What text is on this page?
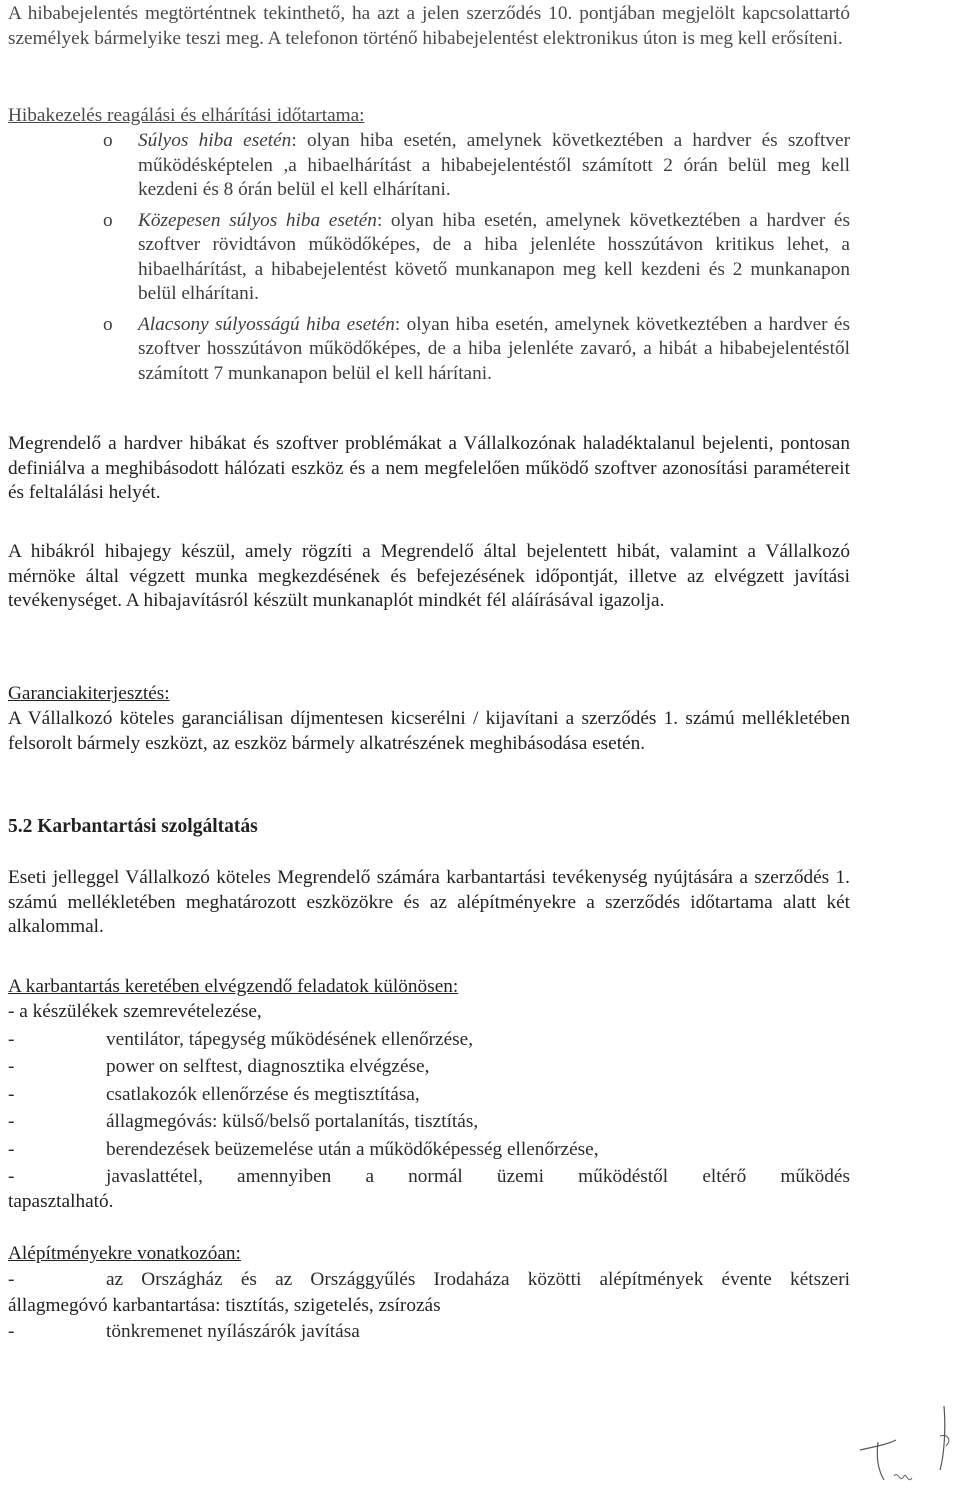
A hibabejelentés megtörténtnek tekinthető, ha azt a jelen szerződés 10. pontjában megjelölt kapcsolattartó személyek bármelyike teszi meg. A telefonon történő hibabejelentést elektronikus úton is meg kell erősíteni.

Hibakezelés reagálási és elhárítási időtartama:

o Súlyos hiba esetén: olyan hiba esetén, amelynek következtében a hardver és szoftver működésképtelen ,a hibaelhárítást a hibabejelentéstől számított 2 órán belül meg kell kezdeni és 8 órán belül el kell elhárítani.

o Közepesen súlyos hiba esetén: olyan hiba esetén, amelynek következtében a hardver és szoftver rövidtávon működőképes, de a hiba jelenléte hosszútávon kritikus lehet, a hibaelhárítást, a hibabejelentést követő munkanapon meg kell kezdeni és 2 munkanapon belül elhárítani.

o Alacsony súlyosságú hiba esetén: olyan hiba esetén, amelynek következtében a hardver és szoftver hosszútávon működőképes, de a hiba jelenléte zavaró, a hibát a hibabejelentéstől számított 7 munkanapon belül el kell hárítani.

Megrendelő a hardver hibákat és szoftver problémákat a Vállalkozónak haladéktalanul bejelenti, pontosan definiálva a meghibásodott hálózati eszköz és a nem megfelelően működő szoftver azonosítási paramétereit és feltalálási helyét.

A hibákról hibajegy készül, amely rögzíti a Megrendelő által bejelentett hibát, valamint a Vállalkozó mérnöke által végzett munka megkezdésének és befejezésének időpontját, illetve az elvégzett javítási tevékenységet. A hibajavításról készült munkanaplót mindkét fél aláírásával igazolja.

Garanciakiterjesztés:

A Vállalkozó köteles garanciálisan díjmentesen kicserélni / kijavítani a szerződés 1. számú mellékletében felsorolt bármely eszközt, az eszköz bármely alkatrészének meghibásodása esetén.

5.2 Karbantartási szolgáltatás

Eseti jelleggel Vállalkozó köteles Megrendelő számára karbantartási tevékenység nyújtására a szerződés 1. számú mellékletében meghatározott eszközökre és az alépítményekre a szerződés időtartama alatt két alkalommal.

A karbantartás keretében elvégzendő feladatok különösen:

- a készülékek szemrevételezése,

-	ventilátor, tápegység működésének ellenőrzése,

-	power on selftest, diagnosztika elvégzése,

-	csatlakozók ellenőrzése és megtisztítása,

-	állagmegóvás: külső/belső portalanítás, tisztítás,

-	berendezések beüzemelése után a működőképesség ellenőrzése,

-	javaslattétel, amennyiben a normál üzemi működéstől eltérő működés

tapasztalható.

Alépítményekre vonatkozóan:

-	az Országház és az Országgyűlés Irodaháza közötti alépítmények évente kétszeri

állagmegóvó karbantartása: tisztítás, szigetelés, zsírozás

-	tönkremenet nyílászárók javítása
